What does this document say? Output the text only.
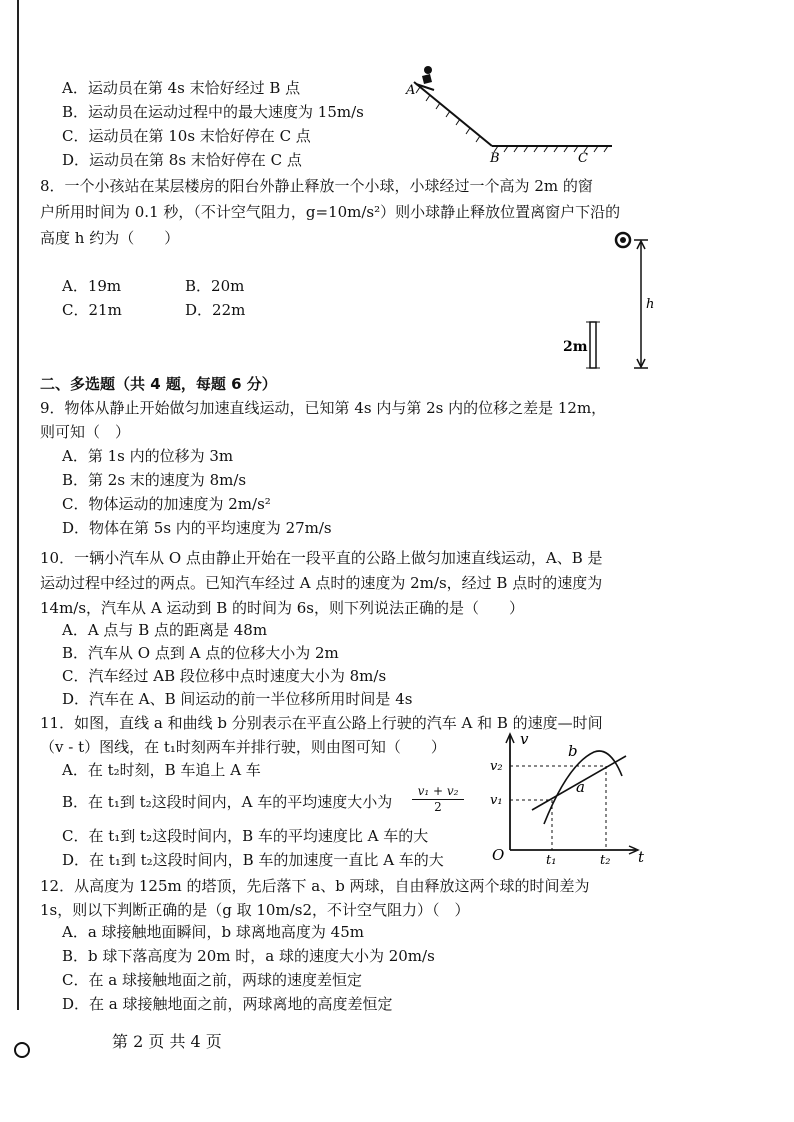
A．运动员在第 4s 末恰好经过 B 点
B．运动员在运动过程中的最大速度为 15m/s
C．运动员在第 10s 末恰好停在 C 点
D．运动员在第 8s 末恰好停在 C 点
A
B	C
8．一个小孩站在某层楼房的阳台外静止释放一个小球，小球经过一个高为 2m 的窗
户所用时间为 0.1 秒，（不计空气阻力，g=10m/s²）则小球静止释放位置离窗户下沿的
高度 h 约为（　　）
A．19m	B．20m
C．21m	D．22m	h
2m
二、多选题（共 4 题，每题 6 分）
9．物体从静止开始做匀加速直线运动，已知第 4s 内与第 2s 内的位移之差是 12m，
则可知（　）
A．第 1s 内的位移为 3m
B．第 2s 末的速度为 8m/s
C．物体运动的加速度为 2m/s²
D．物体在第 5s 内的平均速度为 27m/s
10．一辆小汽车从 O 点由静止开始在一段平直的公路上做匀加速直线运动，A、B 是
运动过程中经过的两点。已知汽车经过 A 点时的速度为 2m/s，经过 B 点时的速度为
14m/s，汽车从 A 运动到 B 的时间为 6s，则下列说法正确的是（　　）
A．A 点与 B 点的距离是 48m
B．汽车从 O 点到 A 点的位移大小为 2m
C．汽车经过 AB 段位移中点时速度大小为 8m/s
D．汽车在 A、B 间运动的前一半位移所用时间是 4s
11．如图，直线 a 和曲线 b 分别表示在平直公路上行驶的汽车 A 和 B 的速度—时间
（v - t）图线，在 t₁时刻两车并排行驶，则由图可知（　　）
A．在 t₂时刻，B 车追上 A 车
B．在 t₁到 t₂这段时间内，A 车的平均速度大小为 $\frac{\text{v₁ + v₂}}{2}$
C．在 t₁到 t₂这段时间内，B 车的平均速度比 A 车的大
D．在 t₁到 t₂这段时间内，B 车的加速度一直比 A 车的大
v
t
O
v₁
v₂
t₁	t₂
a
b
12．从高度为 125m 的塔顶，先后落下 a、b 两球，自由释放这两个球的时间差为
1s，则以下判断正确的是（g 取 10m/s2，不计空气阻力）（　）
A．a 球接触地面瞬间，b 球离地高度为 45m
B．b 球下落高度为 20m 时，a 球的速度大小为 20m/s
C．在 a 球接触地面之前，两球的速度差恒定
D．在 a 球接触地面之前，两球离地的高度差恒定
第 2 页 共 4 页
